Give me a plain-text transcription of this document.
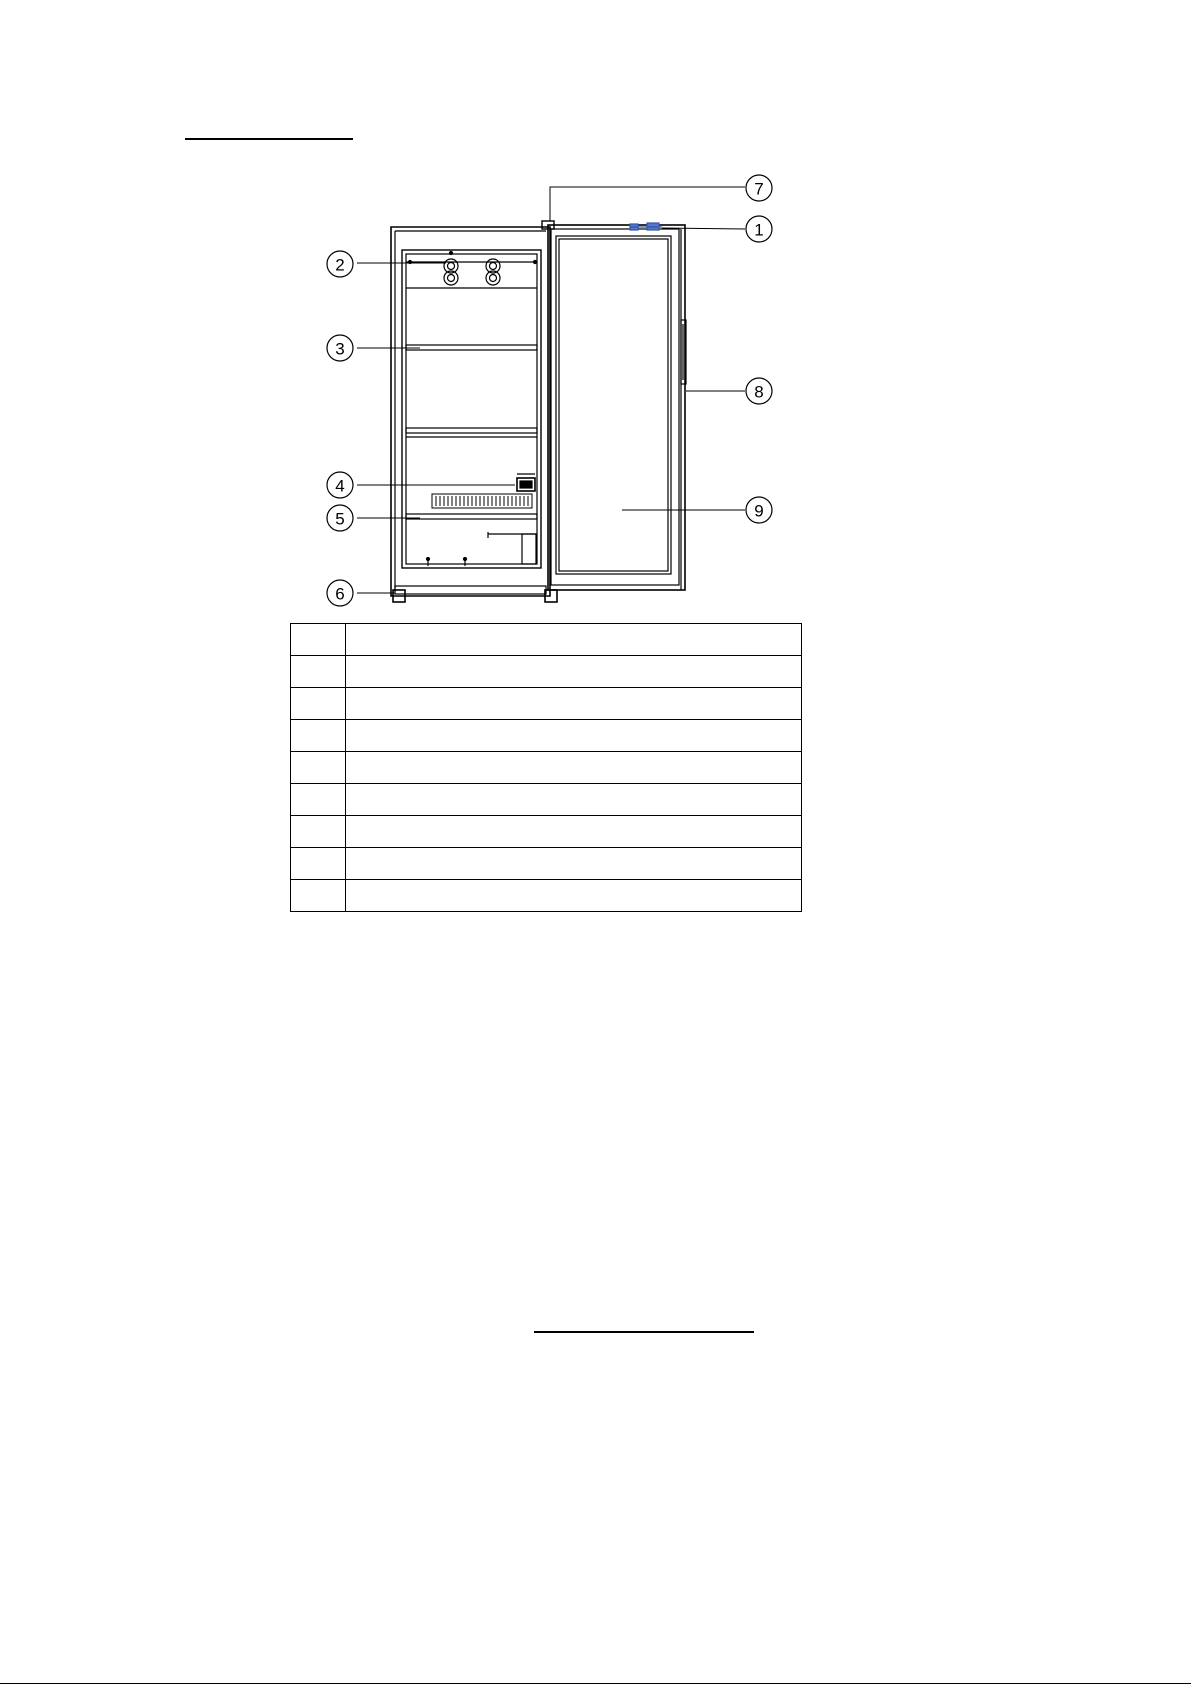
7
1
2
3
8
4
9
5
6
